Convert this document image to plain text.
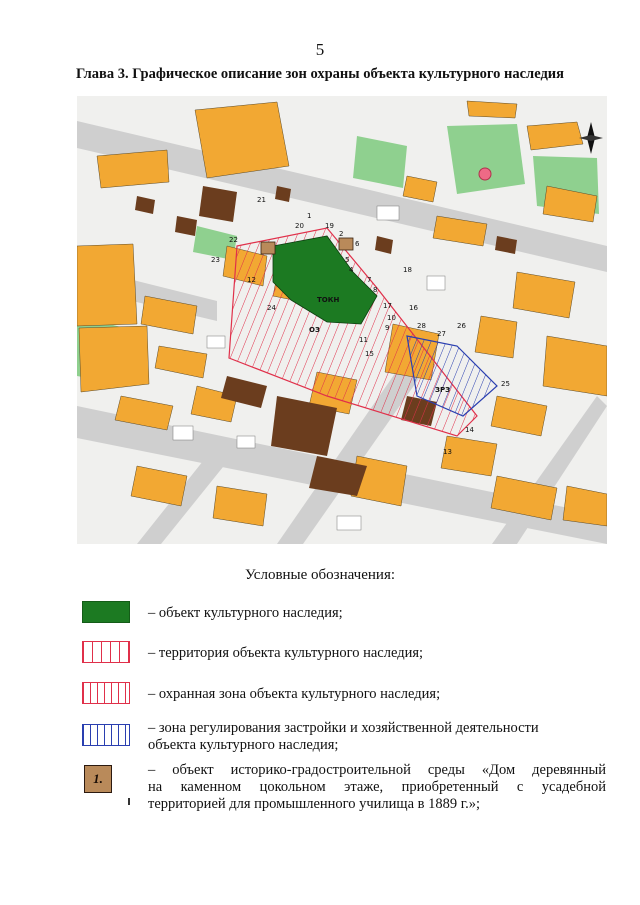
5
Глава 3. Графическое описание зон охраны объекта культурного наследия
21
22
23
12
1
20	19
2
4
5
7
17
10
9
11
15
16
18
28
27
26
25
14
13
24
6
8
ТОКН
ОЗ
ЗРЗ
Условные обозначения:
– объект культурного наследия;
– территория объекта культурного наследия;
– охранная зона объекта культурного наследия;
– зона регулирования застройки и хозяйственной деятельности
объекта культурного наследия;
1.
– объект историко-градостроительной среды «Дом деревянный
на каменном цокольном этаже, приобретенный с усадебной
территорией для промышленного училища в 1889 г.»;
